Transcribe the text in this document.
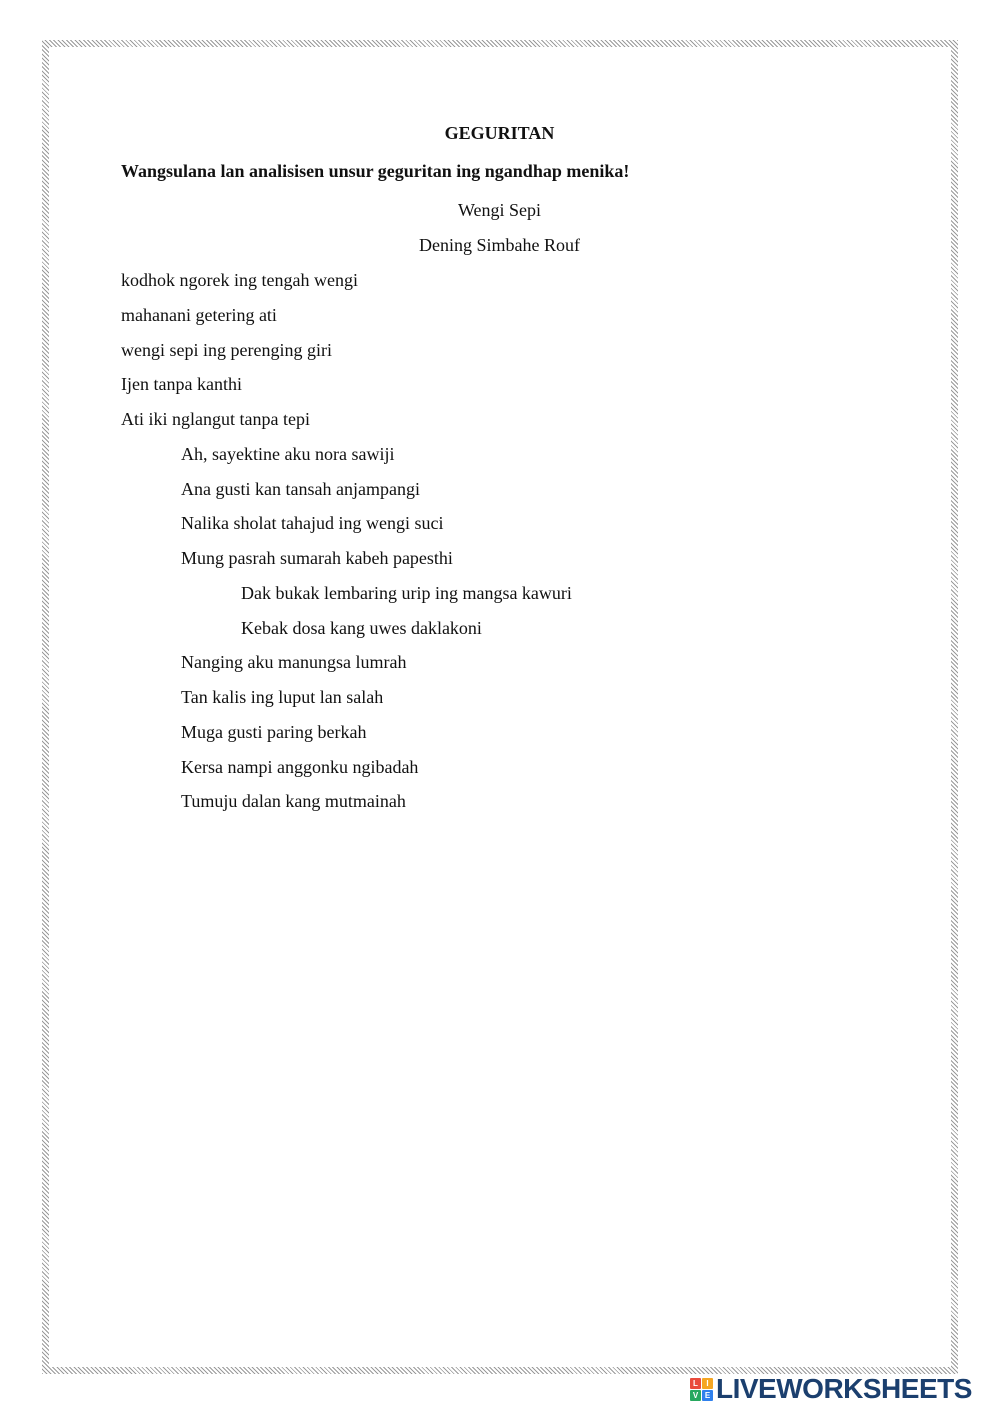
GEGURITAN
Wangsulana lan analisisen unsur geguritan ing ngandhap menika!
Wengi Sepi
Dening Simbahe Rouf
kodhok ngorek ing tengah wengi
mahanani getering ati
wengi sepi ing perenging giri
Ijen tanpa kanthi
Ati iki nglangut tanpa tepi
Ah, sayektine aku nora sawiji
Ana gusti kan tansah anjampangi
Nalika sholat tahajud ing wengi suci
Mung pasrah sumarah kabeh papesthi
Dak bukak lembaring urip ing mangsa kawuri
Kebak dosa kang uwes daklakoni
Nanging aku manungsa lumrah
Tan kalis ing luput lan salah
Muga gusti paring berkah
Kersa nampi anggonku ngibadah
Tumuju dalan kang mutmainah
L	I
V E LIVEWORKSHEETS
